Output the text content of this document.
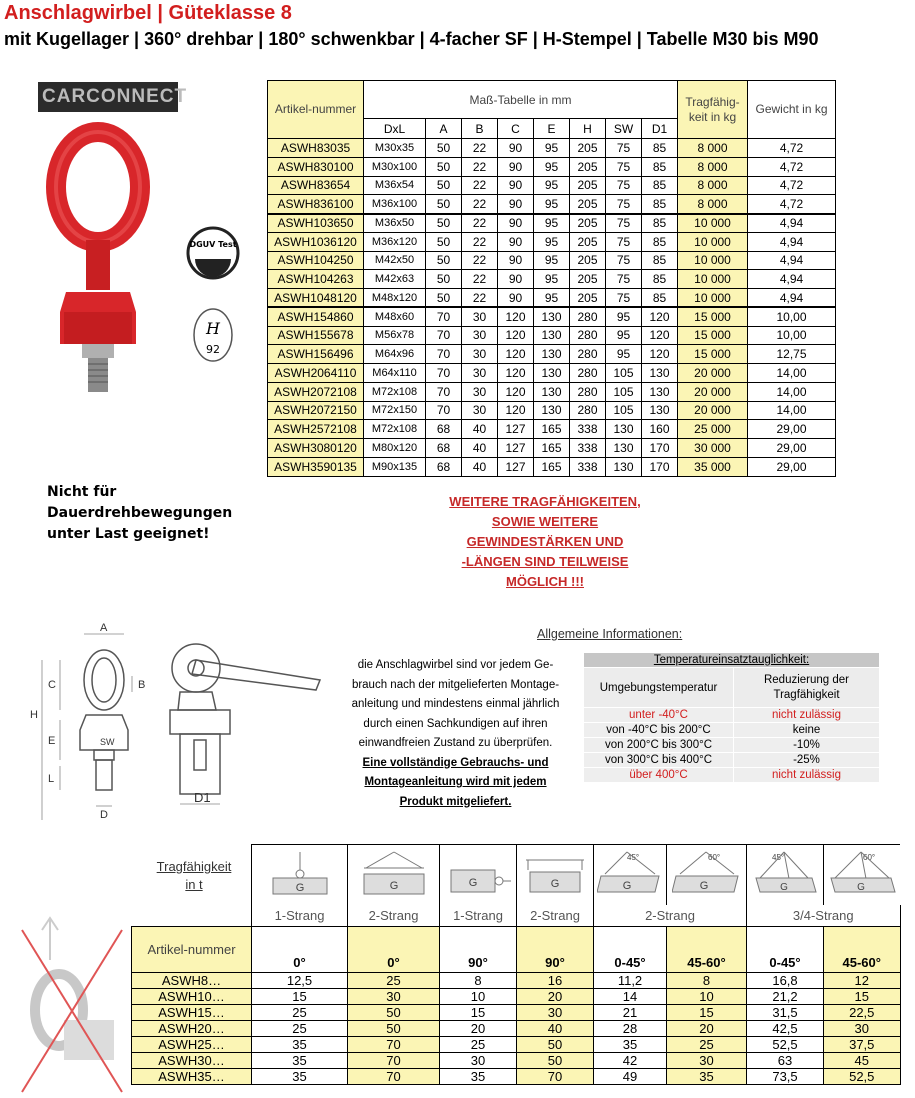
Anschlagwirbel | Güteklasse 8
mit Kugellager | 360° drehbar | 180° schwenkbar | 4-facher SF | H-Stempel | Tabelle M30 bis M90
CARCONNECT
DGUV Test
H
92
Nicht für
Dauerdrehbewegungen
unter Last geeignet!
Artikel-nummer	Maß-Tabelle in mm								Tragfähig-keit in kg	Gewicht in kg
	DxL	A	B	C	E	H	SW	D1		
ASWH83035	M30x35	50	22	90	95	205	75	85	8 000	4,72
ASWH830100	M30x100	50	22	90	95	205	75	85	8 000	4,72
ASWH83654	M36x54	50	22	90	95	205	75	85	8 000	4,72
ASWH836100	M36x100	50	22	90	95	205	75	85	8 000	4,72
ASWH103650	M36x50	50	22	90	95	205	75	85	10 000	4,94
ASWH1036120	M36x120	50	22	90	95	205	75	85	10 000	4,94
ASWH104250	M42x50	50	22	90	95	205	75	85	10 000	4,94
ASWH104263	M42x63	50	22	90	95	205	75	85	10 000	4,94
ASWH1048120	M48x120	50	22	90	95	205	75	85	10 000	4,94
ASWH154860	M48x60	70	30	120	130	280	95	120	15 000	10,00
ASWH155678	M56x78	70	30	120	130	280	95	120	15 000	10,00
ASWH156496	M64x96	70	30	120	130	280	95	120	15 000	12,75
ASWH2064110	M64x110	70	30	120	130	280	105	130	20 000	14,00
ASWH2072108	M72x108	70	30	120	130	280	105	130	20 000	14,00
ASWH2072150	M72x150	70	30	120	130	280	105	130	20 000	14,00
ASWH2572108	M72x108	68	40	127	165	338	130	160	25 000	29,00
ASWH3080120	M80x120	68	40	127	165	338	130	170	30 000	29,00
ASWH3590135	M90x135	68	40	127	165	338	130	170	35 000	29,00
WEITERE TRAGFÄHIGKEITEN,
SOWIE WEITERE
GEWINDESTÄRKEN UND
-LÄNGEN SIND TEILWEISE
MÖGLICH !!!
A
B
C
H
E	SW
L
D
D1
Allgemeine Informationen:
die Anschlagwirbel sind vor jedem Ge-
brauch nach der mitgelieferten Montage-
anleitung und mindestens einmal jährlich
durch einen Sachkundigen auf ihren
einwandfreien Zustand zu überprüfen.
Eine vollständige Gebrauchs- und
Montageanleitung wird mit jedem
Produkt mitgeliefert.
Temperatureinsatztauglichkeit:	
Umgebungstemperatur	Reduzierung der Tragfähigkeit
unter -40°C	nicht zulässig
von -40°C bis 200°C	keine
von 200°C bis 300°C	-10%
von 300°C bis 400°C	-25%
über 400°C	nicht zulässig
Tragfähigkeit in t

G	G	G	G	45°
G	60°
G	45°
G	60°
G

	1-Strang	2-Strang	1-Strang	2-Strang	2-Strang		3/4-Strang	
Artikel-nummer								
	0°	0°	90°	90°	0-45°	45-60°	0-45°	45-60°
ASWH8…	12,5	25	8	16	11,2	8	16,8	12
ASWH10…	15	30	10	20	14	10	21,2	15
ASWH15…	25	50	15	30	21	15	31,5	22,5
ASWH20…	25	50	20	40	28	20	42,5	30
ASWH25…	35	70	25	50	35	25	52,5	37,5
ASWH30…	35	70	30	50	42	30	63	45
ASWH35…	35	70	35	70	49	35	73,5	52,5
